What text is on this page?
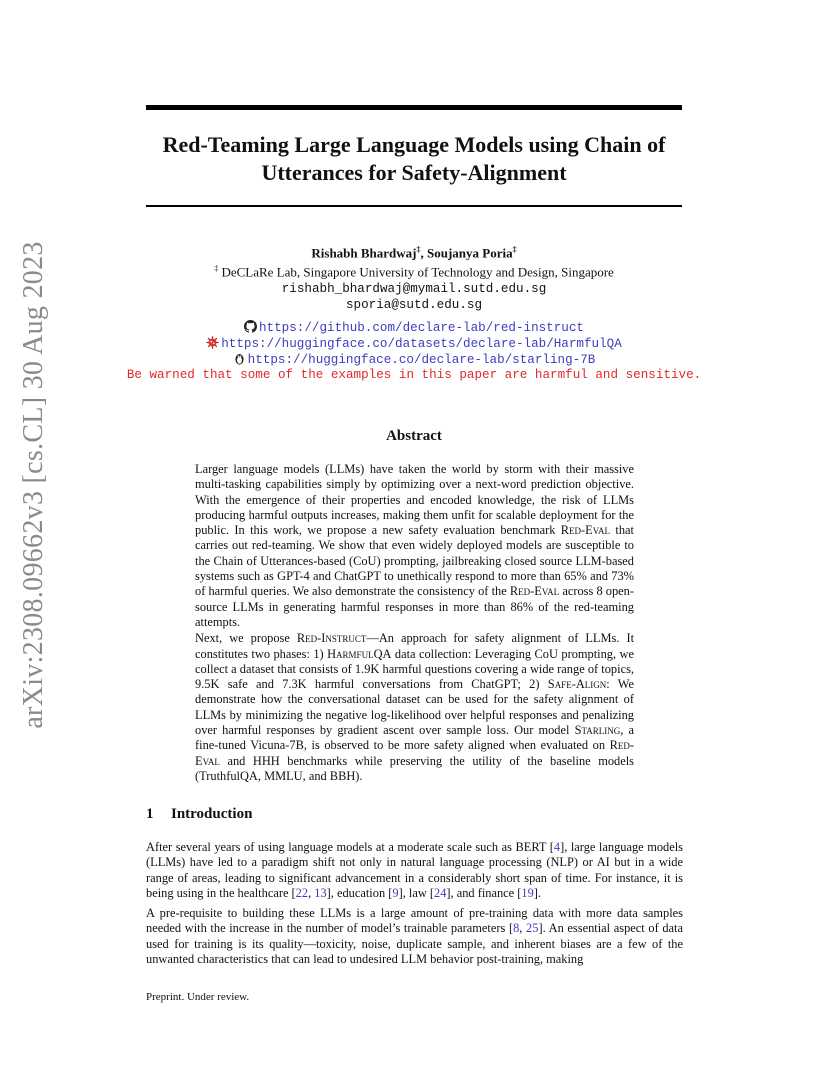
arXiv:2308.09662v3 [cs.CL] 30 Aug 2023
Red-Teaming Large Language Models using Chain of
Utterances for Safety-Alignment
Rishabh Bhardwaj‡, Soujanya Poria‡
‡ DeCLaRe Lab, Singapore University of Technology and Design, Singapore
rishabh_bhardwaj@mymail.sutd.edu.sg
sporia@sutd.edu.sg
https://github.com/declare-lab/red-instruct
https://huggingface.co/datasets/declare-lab/HarmfulQA
https://huggingface.co/declare-lab/starling-7B
Be warned that some of the examples in this paper are harmful and sensitive.
Abstract

Larger language models (LLMs) have taken the world by storm with their massive multi-tasking capabilities simply by optimizing over a next-word prediction objective. With the emergence of their properties and encoded knowledge, the risk of LLMs producing harmful outputs increases, making them unfit for scalable deployment for the public. In this work, we propose a new safety evaluation benchmark Red-Eval that carries out red-teaming. We show that even widely deployed models are susceptible to the Chain of Utterances-based (CoU) prompting, jailbreaking closed source LLM-based systems such as GPT-4 and ChatGPT to unethically respond to more than 65% and 73% of harmful queries. We also demonstrate the consistency of the Red-Eval across 8 open-source LLMs in generating harmful responses in more than 86% of the red-teaming attempts.

Next, we propose Red-Instruct—An approach for safety alignment of LLMs. It constitutes two phases: 1) HarmfulQA data collection: Leveraging CoU prompting, we collect a dataset that consists of 1.9K harmful questions covering a wide range of topics, 9.5K safe and 7.3K harmful conversations from ChatGPT; 2) Safe-Align: We demonstrate how the conversational dataset can be used for the safety alignment of LLMs by minimizing the negative log-likelihood over helpful responses and penalizing over harmful responses by gradient ascent over sample loss. Our model Starling, a fine-tuned Vicuna-7B, is observed to be more safety aligned when evaluated on Red-Eval and HHH benchmarks while preserving the utility of the baseline models (TruthfulQA, MMLU, and BBH).

1 Introduction

After several years of using language models at a moderate scale such as BERT [4], large language models (LLMs) have led to a paradigm shift not only in natural language processing (NLP) or AI but in a wide range of areas, leading to significant advancement in a considerably short span of time. For instance, it is being using in the healthcare [22, 13], education [9], law [24], and finance [19].

A pre-requisite to building these LLMs is a large amount of pre-training data with more data samples needed with the increase in the number of model’s trainable parameters [8, 25]. An essential aspect of data used for training is its quality—toxicity, noise, duplicate sample, and inherent biases are a few of the unwanted characteristics that can lead to undesired LLM behavior post-training, making

Preprint. Under review.
